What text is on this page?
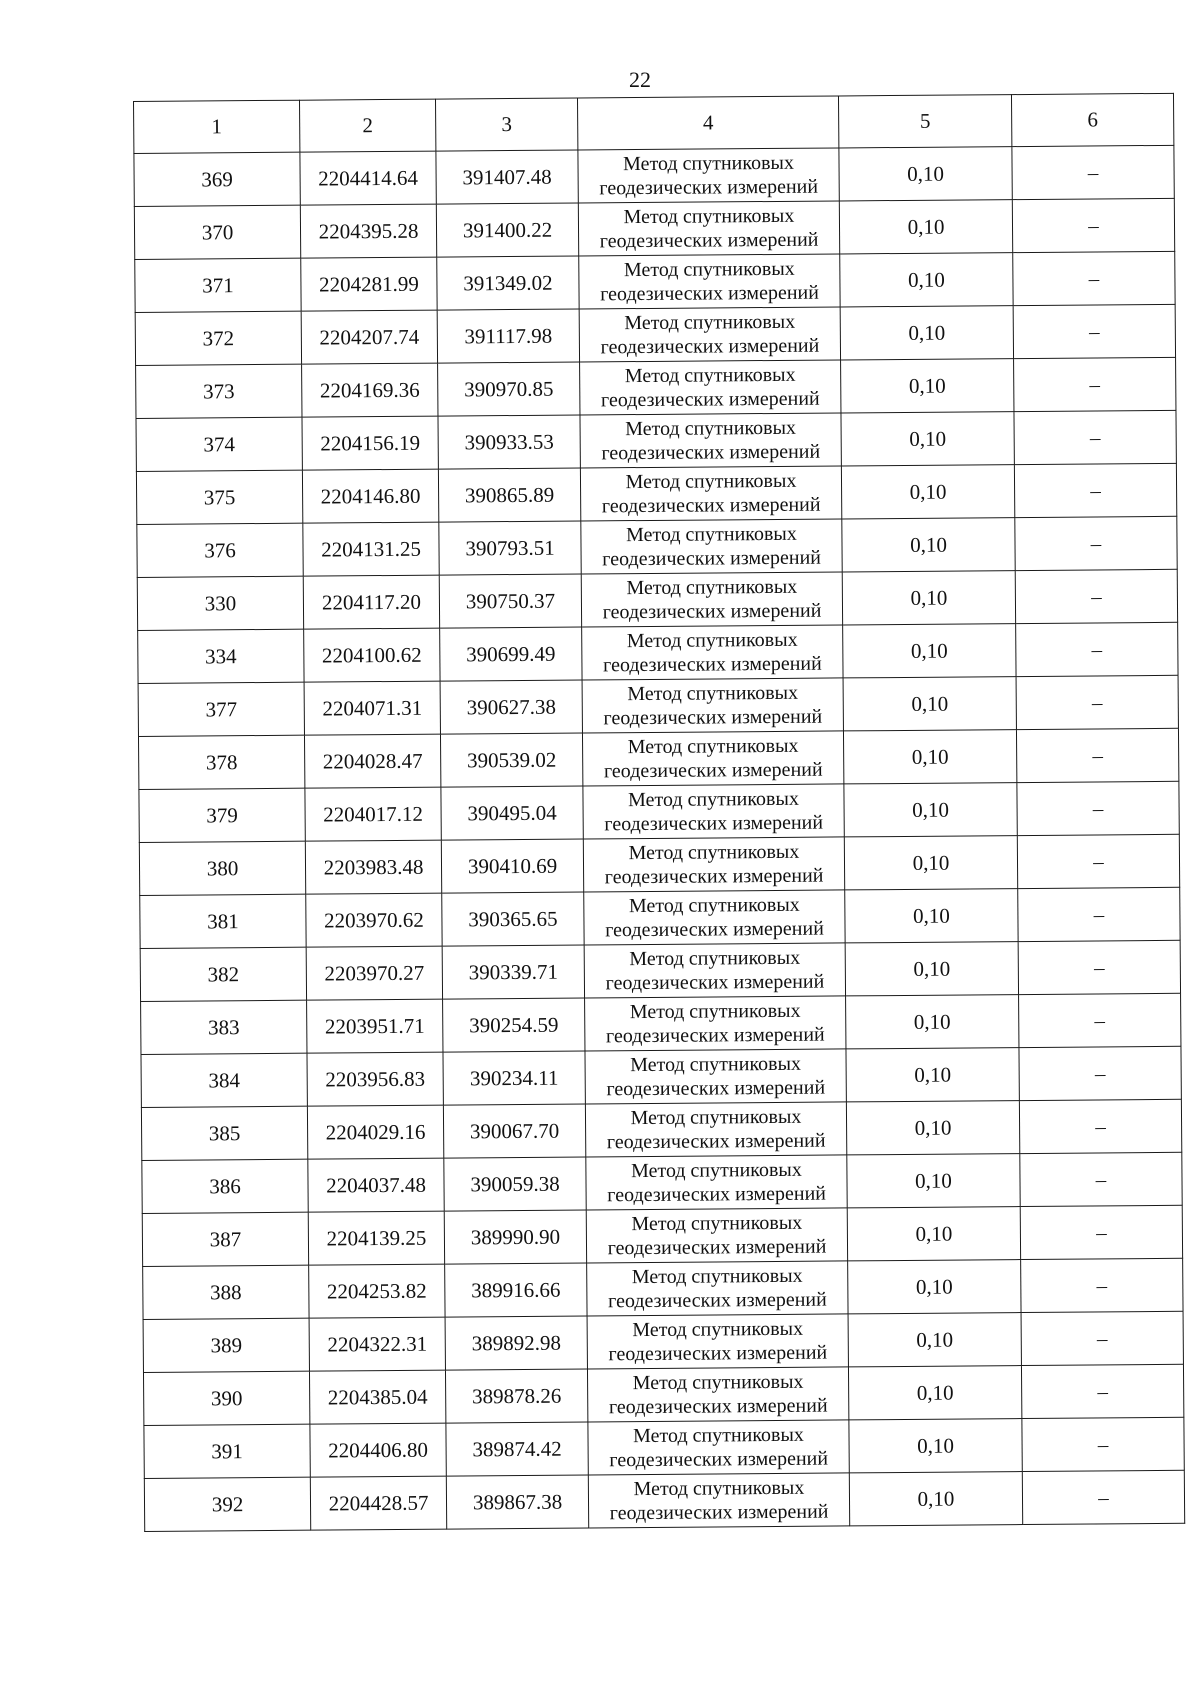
22
1	2	3	4	5	6
369	2204414.64	391407.48	Метод спутниковых
геодезических измерений	0,10	–
370	2204395.28	391400.22	Метод спутниковых
геодезических измерений	0,10	–
371	2204281.99	391349.02	Метод спутниковых
геодезических измерений	0,10	–
372	2204207.74	391117.98	Метод спутниковых
геодезических измерений	0,10	–
373	2204169.36	390970.85	Метод спутниковых
геодезических измерений	0,10	–
374	2204156.19	390933.53	Метод спутниковых
геодезических измерений	0,10	–
375	2204146.80	390865.89	Метод спутниковых
геодезических измерений	0,10	–
376	2204131.25	390793.51	Метод спутниковых
геодезических измерений	0,10	–
330	2204117.20	390750.37	Метод спутниковых
геодезических измерений	0,10	–
334	2204100.62	390699.49	Метод спутниковых
геодезических измерений	0,10	–
377	2204071.31	390627.38	Метод спутниковых
геодезических измерений	0,10	–
378	2204028.47	390539.02	Метод спутниковых
геодезических измерений	0,10	–
379	2204017.12	390495.04	Метод спутниковых
геодезических измерений	0,10	–
380	2203983.48	390410.69	Метод спутниковых
геодезических измерений	0,10	–
381	2203970.62	390365.65	Метод спутниковых
геодезических измерений	0,10	–
382	2203970.27	390339.71	Метод спутниковых
геодезических измерений	0,10	–
383	2203951.71	390254.59	Метод спутниковых
геодезических измерений	0,10	–
384	2203956.83	390234.11	Метод спутниковых
геодезических измерений	0,10	–
385	2204029.16	390067.70	Метод спутниковых
геодезических измерений	0,10	–
386	2204037.48	390059.38	Метод спутниковых
геодезических измерений	0,10	–
387	2204139.25	389990.90	Метод спутниковых
геодезических измерений	0,10	–
388	2204253.82	389916.66	Метод спутниковых
геодезических измерений	0,10	–
389	2204322.31	389892.98	Метод спутниковых
геодезических измерений	0,10	–
390	2204385.04	389878.26	Метод спутниковых
геодезических измерений	0,10	–
391	2204406.80	389874.42	Метод спутниковых
геодезических измерений	0,10	–
392	2204428.57	389867.38	Метод спутниковых
геодезических измерений	0,10	–
